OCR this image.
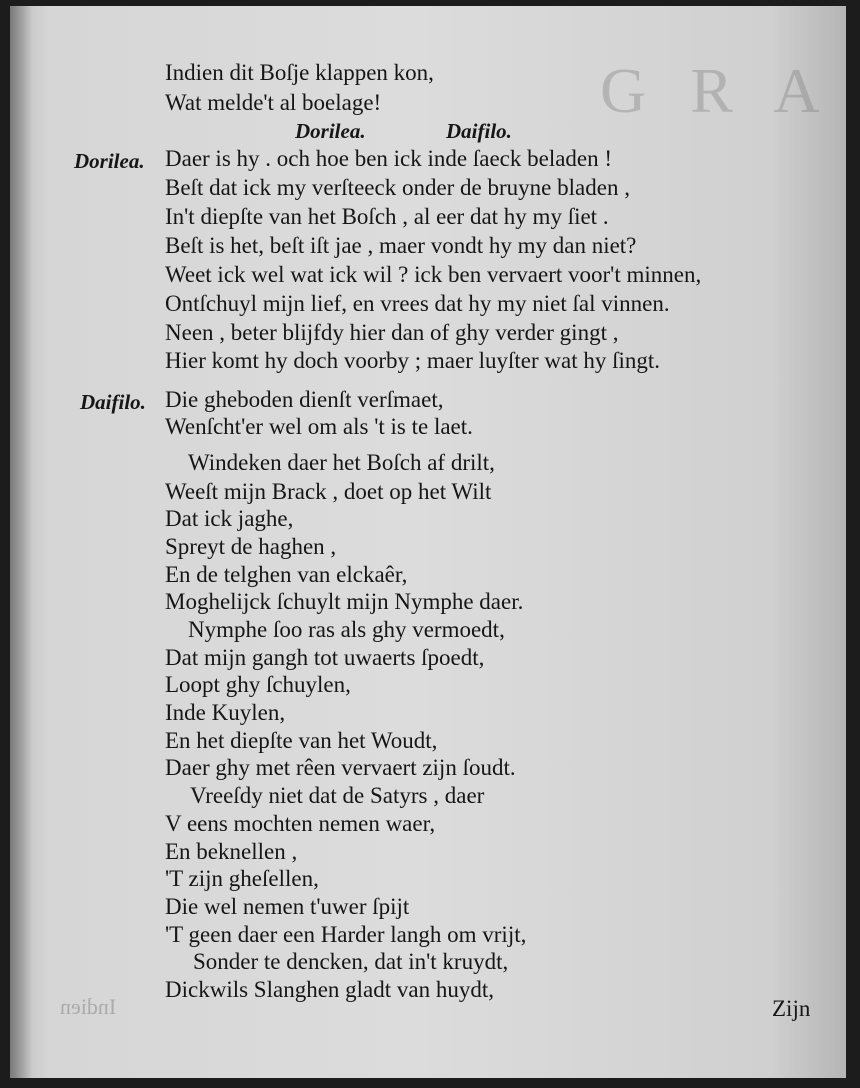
G R A
Indien
Indien dit Boſje klappen kon,
Wat melde't al boelage!
Dorilea.	Daifilo.
Dorilea. Daer is hy . och hoe ben ick inde ſaeck beladen !
Beſt dat ick my verſteeck onder de bruyne bladen ,
In't diepſte van het Boſch , al eer dat hy my ſiet .
Beſt is het, beſt iſt jae , maer vondt hy my dan niet?
Weet ick wel wat ick wil ? ick ben vervaert voor't minnen,
Ontſchuyl mijn lief, en vrees dat hy my niet ſal vinnen.
Neen , beter blijfdy hier dan of ghy verder gingt ,
Hier komt hy doch voorby ; maer luyſter wat hy ſingt.
Daifilo. Die gheboden dienſt verſmaet,
Wenſcht'er wel om als 't is te laet.
Windeken daer het Boſch af drilt,
Weeſt mijn Brack , doet op het Wilt
Dat ick jaghe,
Spreyt de haghen ,
En de telghen van elckaêr,
Moghelijck ſchuylt mijn Nymphe daer.
Nymphe ſoo ras als ghy vermoedt,
Dat mijn gangh tot uwaerts ſpoedt,
Loopt ghy ſchuylen,
Inde Kuylen,
En het diepſte van het Woudt,
Daer ghy met rêen vervaert zijn ſoudt.
Vreeſdy niet dat de Satyrs , daer
V eens mochten nemen waer,
En beknellen ,
'T zijn gheſellen,
Die wel nemen t'uwer ſpijt
'T geen daer een Harder langh om vrijt,
Sonder te dencken, dat in't kruydt,
Dickwils Slanghen gladt van huydt,
Zijn
